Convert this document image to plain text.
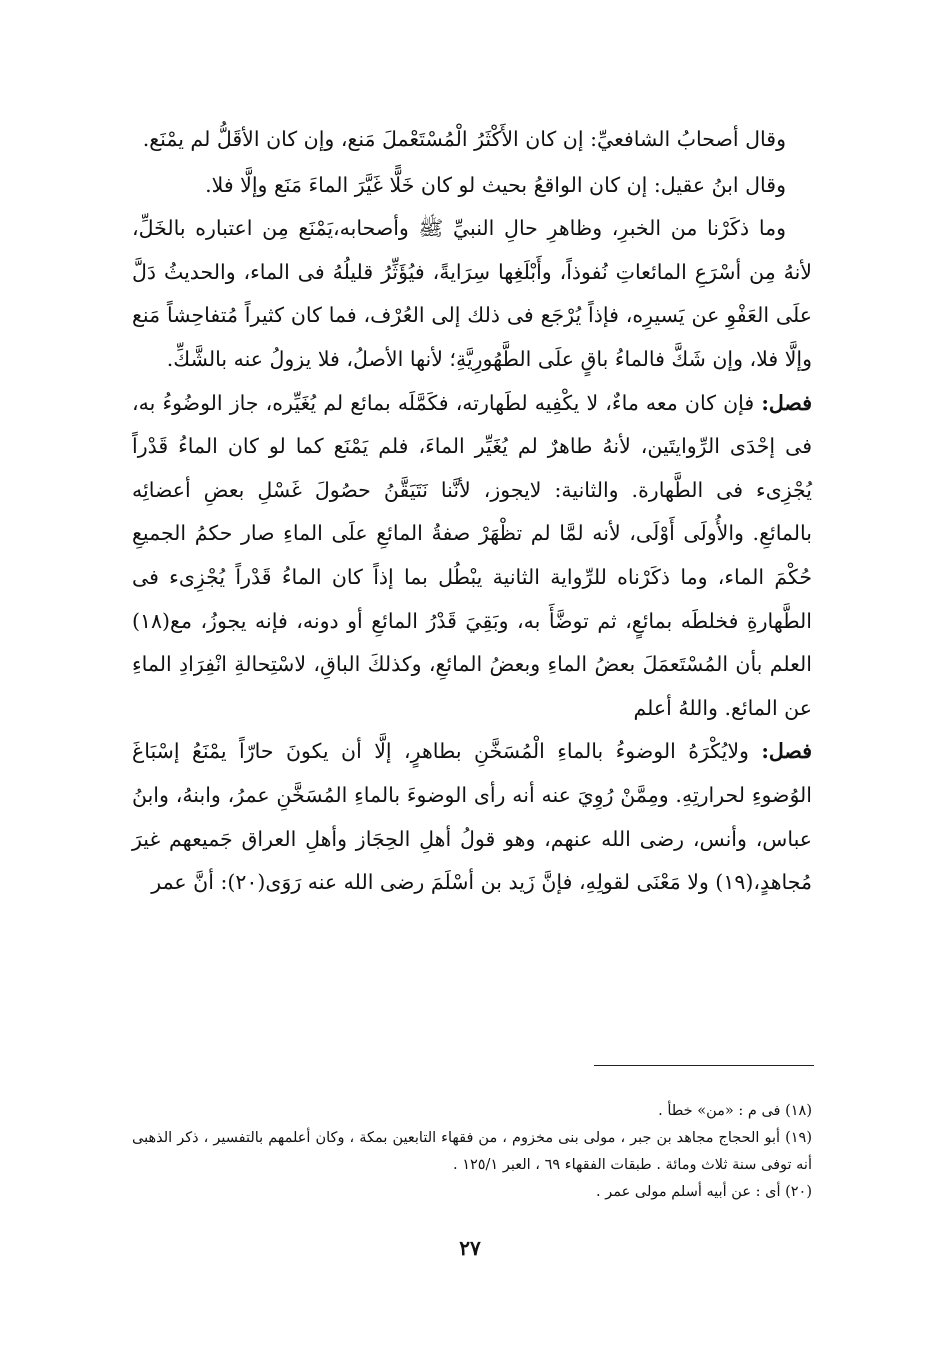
وقال أصحابُ الشافعيِّ: إن كان الأَكْثَرُ الْمُسْتَعْملَ مَنع، وإن كان الأقَلُّ لم يمْنَع.

وقال ابنُ عقيل: إن كان الواقعُ بحيث لو كان خَلًّا غَيَّرَ الماءَ مَنَع وإلَّا فلا.

وما ذكَرْنا من الخبرِ، وظاهرِ حالِ النبيِّ ﷺ وأصحابه،يَمْنَع مِن اعتباره بالخَلِّ، لأنهُ مِن أسْرَعِ المائعاتِ نُفوذاً، وأَبْلَغِها سِرَايةً، فيُؤَثِّرُ قليلُهُ فى الماء، والحديثُ دَلَّ علَى العَفْوِ عن يَسيرِه، فإذاً يُرْجَع فى ذلك إلى العُرْف، فما كان كثيراً مُتفاحِشاً مَنع وإلَّا فلا، وإن شَكَّ فالماءُ باقٍ علَى الطَّهُورِيَّةِ؛ لأنها الأصلُ، فلا يزولُ عنه بالشَّكِّ.

فصل: فإن كان معه ماءٌ، لا يكْفِيه لطَهارته، فكَمَّلَه بمائع لم يُغَيِّره، جاز الوضُوءُ به، فى إحْدَى الرِّوايتَين، لأنهُ طاهرٌ لم يُغَيِّر الماءَ، فلم يَمْنَع كما لو كان الماءُ قَدْراً يُجْزِىء فى الطَّهارة. والثانية: لايجوز، لأنَّنا نَتَيَقَّنُ حصُولَ غَسْلِ بعضِ أعضائِه بالمائعِ. والأُولَى أَوْلَى، لأنه لمَّا لم تظْهَرْ صفةُ المائعِ علَى الماءِ صار حكمُ الجميعِ حُكْمَ الماء، وما ذكَرْناه للرِّواية الثانية يبْطُل بما إذاً كان الماءُ قَدْراً يُجْزِىء فى الطَّهارةِ فخلطَه بمائعٍ، ثم توضَّأَ به، وبَقِيَ قَدْرُ المائعِ أو دونه، فإنه يجوزُ، مع(١٨) العلم بأن المُسْتَعمَلَ بعضُ الماءِ وبعضُ المائعِ، وكذلكَ الباقِ، لاسْتِحالةِ انْفِرَادِ الماءِ عن المائع. واللهُ أعلم

فصل: ولايُكْرَهُ الوضوءُ بالماءِ الْمُسَخَّنِ بطاهرٍ، إلَّا أن يكونَ حارّاً يمْنَعُ إسْبَاغَ الوُضوءِ لحرارتِهِ. ومِمَّنْ رُوِيَ عنه أنه رأى الوضوءَ بالماءِ المُسَخَّنِ عمرُ، وابنهُ، وابنُ عباس، وأنس، رضى الله عنهم، وهو قولُ أهلِ الحِجَاز وأهلِ العراق جَميعهم غيرَ مُجاهدٍ،(١٩) ولا مَعْنَى لقولِهِ، فإنَّ زَيد بن أسْلَمَ رضى الله عنه رَوَى(٢٠): أنَّ عمر

(١٨) فى م : «من» خطأ .

(١٩) أبو الحجاج مجاهد بن جبر ، مولى بنى مخزوم ، من فقهاء التابعين بمكة ، وكان أعلمهم بالتفسير ، ذكر الذهبى أنه توفى سنة ثلاث ومائة . طبقات الفقهاء ٦٩ ، العبر ١٢٥/١ .

(٢٠) أى : عن أبيه أسلم مولى عمر .

٢٧
